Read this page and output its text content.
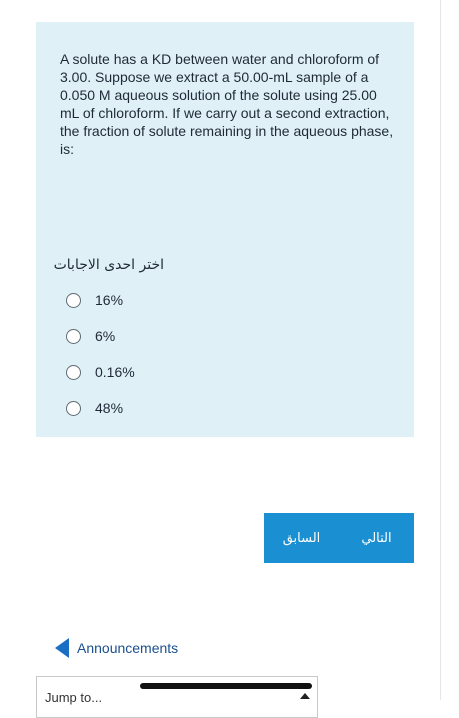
A solute has a KD between water and chloroform of 3.00. Suppose we extract a 50.00-mL sample of a 0.050 M aqueous solution of the solute using 25.00 mL of chloroform. If we carry out a second extraction, the fraction of solute remaining in the aqueous phase, is:

اختر احدى الاجابات
16%
6%
0.16%
48%
السابق	التالي
Announcements
Jump to...
